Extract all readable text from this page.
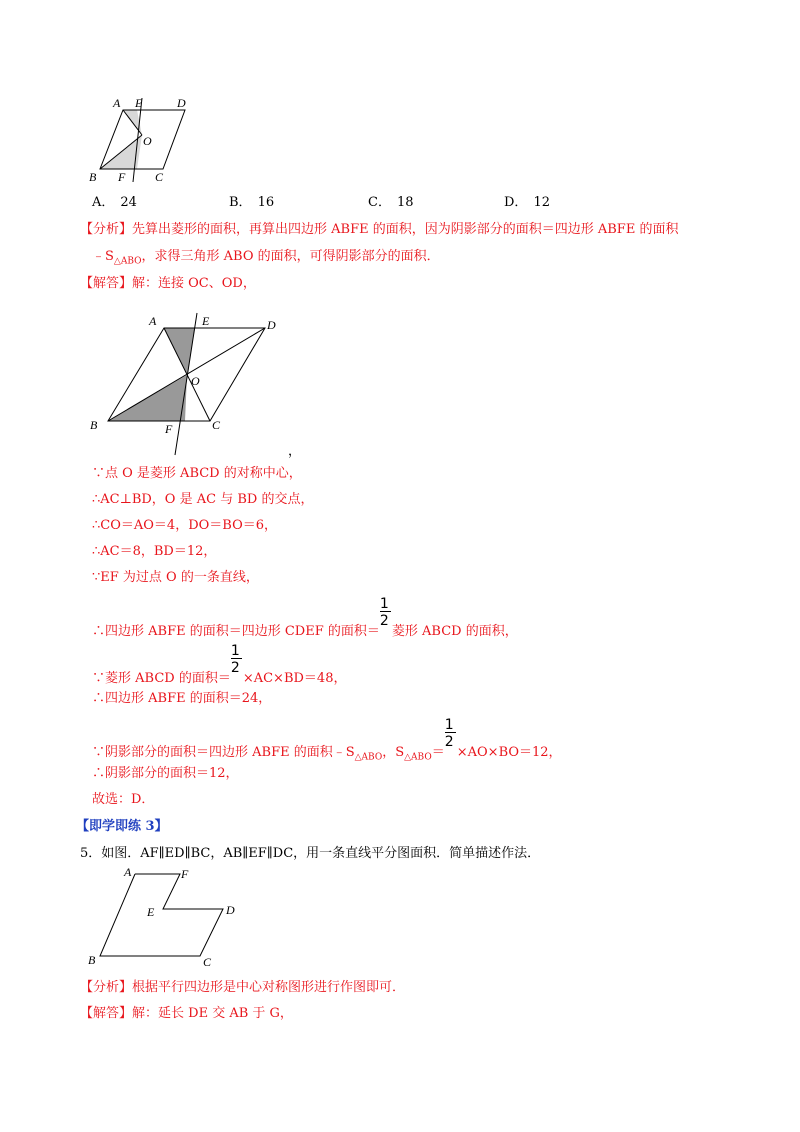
A E	D
O
B F C
A． 24	B． 16	C． 18	D． 12
【分析】先算出菱形的面积，再算出四边形 ABFE 的面积，因为阴影部分的面积＝四边形 ABFE 的面积
$﹣S_{\triangle ABO}$，求得三角形 ABO 的面积，可得阴影部分的面积．
【解答】解：连接 OC、OD，
A	E	D
O
B	F	C
，
∵点 O 是菱形 ABCD 的对称中心，
∴AC⊥BD，O 是 AC 与 BD 的交点，
∴CO＝AO＝4，DO＝BO＝6，
∴AC＝8，BD＝12，
∵EF 为过点 O 的一条直线，
∴四边形 ABFE 的面积＝四边形 CDEF 的面积＝ $\frac{1}{2}$ 菱形 ABCD 的面积，
∵菱形 ABCD 的面积＝ $\frac{1}{2} \times AC\times BD=48$，
∴四边形 ABFE 的面积＝24，
∵阴影部分的面积＝四边形 ABFE 的面积$﹣S_{\triangle ABO}$，$S_{\triangle ABO}= \frac{1}{2} \times AO\times BO=12$，
∴阴影部分的面积＝12，
故选：D．
【即学即练 3】
5．如图．AF∥ED∥BC，AB∥EF∥DC，用一条直线平分图面积．简单描述作法．
A	F
E	D
B	C
【分析】根据平行四边形是中心对称图形进行作图即可．
【解答】解：延长 DE 交 AB 于 G，
